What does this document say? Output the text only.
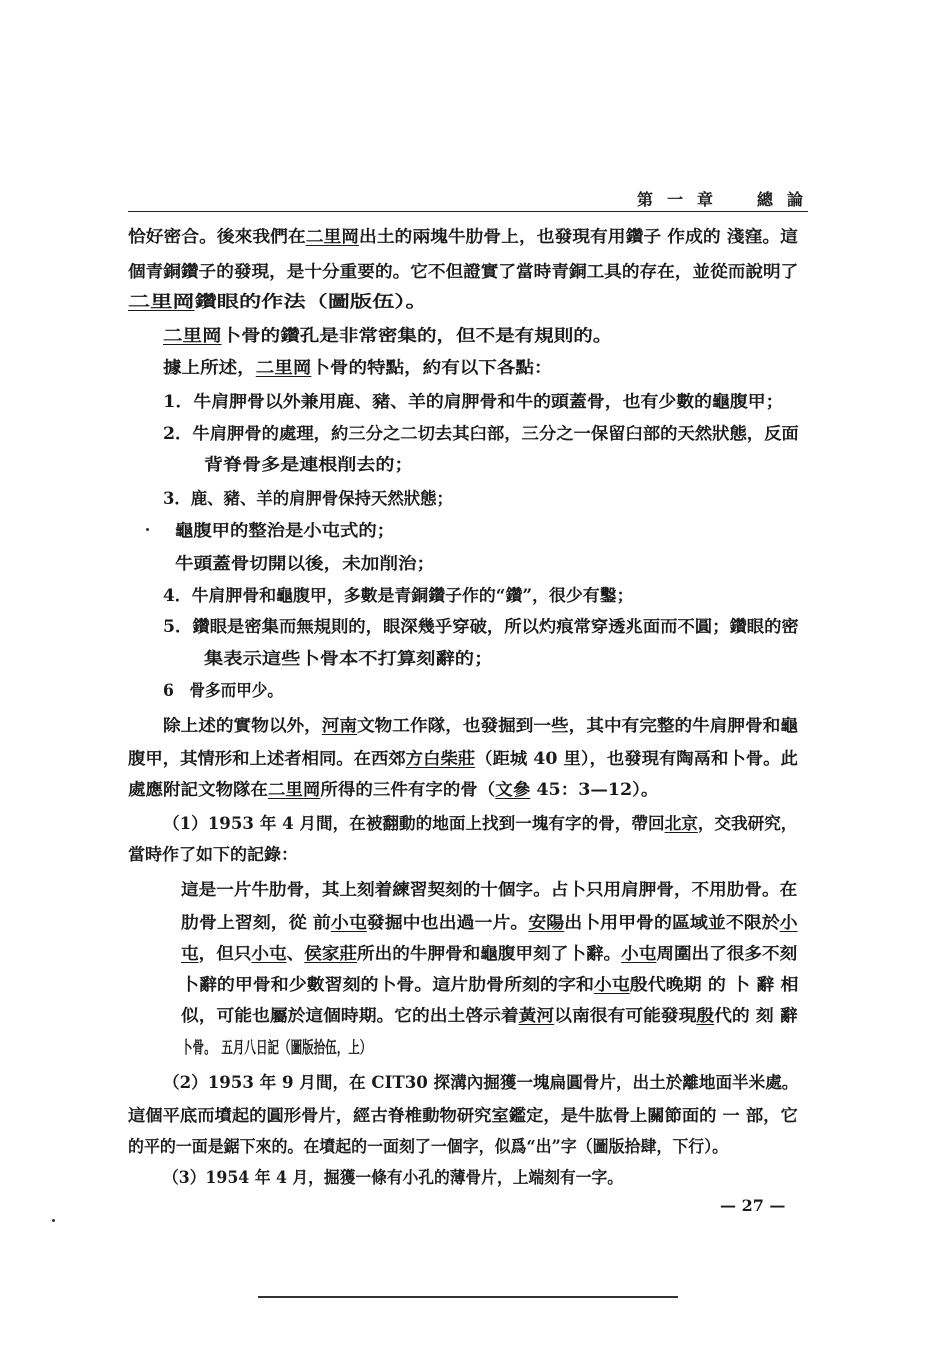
第一章　總論
恰好密合。後來我們在二里岡出土的兩塊牛肋骨上，也發現有用鑽子 作成的 淺窪。這
個青銅鑽子的發現，是十分重要的。它不但證實了當時青銅工具的存在，並從而說明了
二里岡鑽眼的作法（圖版伍）。
二里岡卜骨的鑽孔是非常密集的，但不是有規則的。
據上所述，二里岡卜骨的特點，約有以下各點：
1．牛肩胛骨以外兼用鹿、豬、羊的肩胛骨和牛的頭蓋骨，也有少數的龜腹甲；
2．牛肩胛骨的處理，約三分之二切去其臼部，三分之一保留臼部的天然狀態，反面
背脊骨多是連根削去的；
3．鹿、豬、羊的肩胛骨保持天然狀態；
龜腹甲的整治是小屯式的；
牛頭蓋骨切開以後，未加削治；
4．牛肩胛骨和龜腹甲，多數是青銅鑽子作的“鑽”，很少有鑿；
5．鑽眼是密集而無規則的，眼深幾乎穿破，所以灼痕常穿透兆面而不圓；鑽眼的密
集表示這些卜骨本不打算刻辭的；
6　骨多而甲少。
除上述的實物以外，河南文物工作隊，也發掘到一些，其中有完整的牛肩胛骨和龜
腹甲，其情形和上述者相同。在西郊方白柴莊（距城 40 里），也發現有陶鬲和卜骨。此
處應附記文物隊在二里岡所得的三件有字的骨（文參 45：3—12）。
（1）1953 年 4 月間，在被翻動的地面上找到一塊有字的骨，帶回北京，交我研究，
當時作了如下的記錄：
這是一片牛肋骨，其上刻着練習契刻的十個字。占卜只用肩胛骨，不用肋骨。在
肋骨上習刻，從 前小屯發掘中也出過一片。安陽出卜用甲骨的區域並不限於小
屯，但只小屯、侯家莊所出的牛胛骨和龜腹甲刻了卜辭。小屯周圍出了很多不刻
卜辭的甲骨和少數習刻的卜骨。這片肋骨所刻的字和小屯殷代晚期 的 卜 辭 相
似，可能也屬於這個時期。它的出土啓示着黃河以南很有可能發現殷代的 刻 辭
卜骨。　五月八日記（圖版拾伍，上）
（2）1953 年 9 月間，在 CIT30 探溝內掘獲一塊扁圓骨片，出土於離地面半米處。
這個平底而墳起的圓形骨片，經古脊椎動物研究室鑑定，是牛肱骨上關節面的 一 部，它
的平的一面是鋸下來的。在墳起的一面刻了一個字，似爲“出”字（圖版拾肆，下行）。
（3）1954 年 4 月，掘獲一條有小孔的薄骨片，上端刻有一字。
— 27 —
